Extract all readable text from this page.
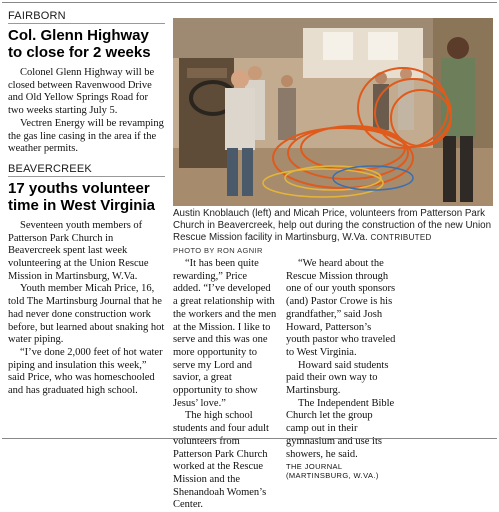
FAIRBORN
Col. Glenn Highway to close for 2 weeks

Colonel Glenn Highway will be closed between Ravenwood Drive and Old Yellow Springs Road for two weeks starting July 5.

Vectren Energy will be revamping the gas line casing in the area if the weather permits.

BEAVERCREEK
17 youths volunteer time in West Virginia

Seventeen youth members of Patterson Park Church in Beavercreek spent last week volunteering at the Union Rescue Mission in Martinsburg, W.Va.

Youth member Micah Price, 16, told The Martinsburg Journal that he had never done construction work before, but learned about snaking hot water piping.

“I’ve done 2,000 feet of hot water piping and insulation this week,” said Price, who was homeschooled and has graduated high school.

Austin Knoblauch (left) and Micah Price, volunteers from Patterson Park Church in Beavercreek, help out during the construction of the new Union Rescue Mission facility in Martinsburg, W.Va. CONTRIBUTED
PHOTO BY RON AGNIR

“It has been quite rewarding,” Price added. “I’ve developed a great relationship with the workers and the men at the Mission. I like to serve and this was one more opportunity to serve my Lord and savior, a great opportunity to show Jesus’ love.”

The high school students and four adult volunteers from Patterson Park Church worked at the Rescue Mission and the Shenandoah Women’s Center.

“We heard about the Rescue Mission through one of our youth sponsors (and) Pastor Crowe is his grandfather,” said Josh Howard, Patterson’s youth pastor who traveled to West Virginia.

Howard said students paid their own way to Martinsburg.

The Independent Bible Church let the group camp out in their gymnasium and use its showers, he said.

THE JOURNAL (MARTINSBURG, W.VA.)
